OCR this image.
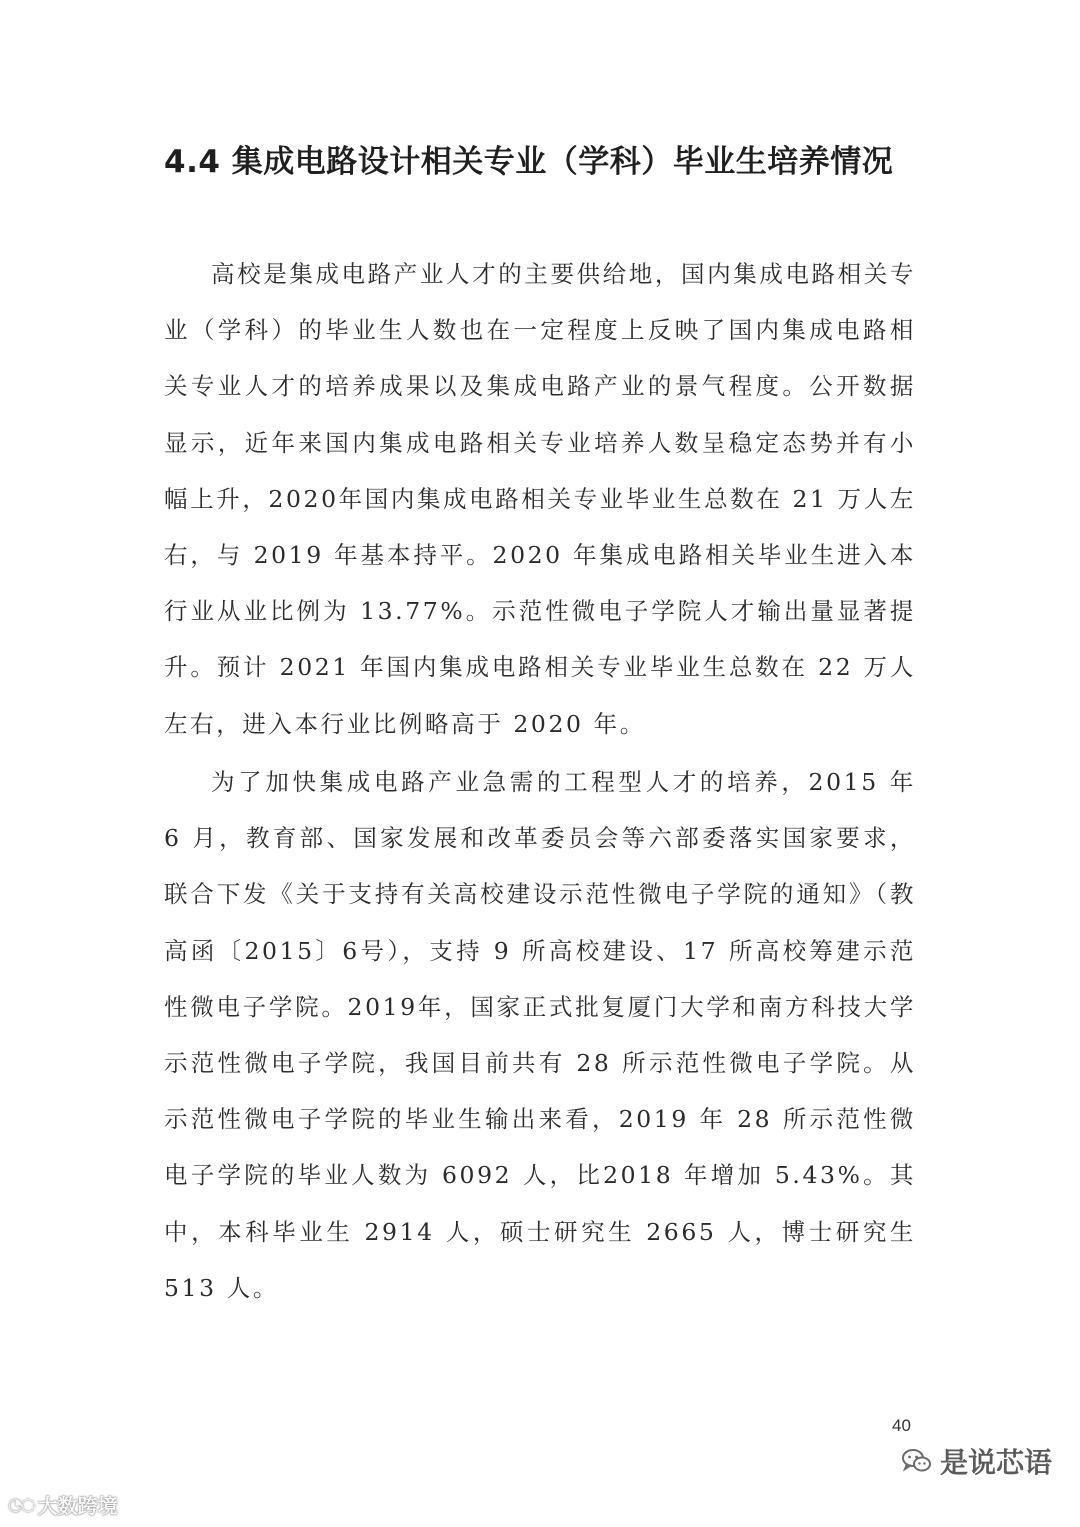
4.4 集成电路设计相关专业（学科）毕业生培养情况

高校是集成电路产业人才的主要供给地，国内集成电路相关专业（学科）的毕业生人数也在一定程度上反映了国内集成电路相关专业人才的培养成果以及集成电路产业的景气程度。公开数据显示，近年来国内集成电路相关专业培养人数呈稳定态势并有小幅上升，2020年国内集成电路相关专业毕业生总数在 21 万人左右，与 2019 年基本持平。2020 年集成电路相关毕业生进入本行业从业比例为 13.77%。示范性微电子学院人才输出量显著提升。预计 2021 年国内集成电路相关专业毕业生总数在 22 万人左右，进入本行业比例略高于 2020 年。

为了加快集成电路产业急需的工程型人才的培养，2015 年 6 月，教育部、国家发展和改革委员会等六部委落实国家要求，联合下发《关于支持有关高校建设示范性微电子学院的通知》（教高函〔2015〕6号），支持 9 所高校建设、17 所高校筹建示范性微电子学院。2019年，国家正式批复厦门大学和南方科技大学示范性微电子学院，我国目前共有 28 所示范性微电子学院。从示范性微电子学院的毕业生输出来看，2019 年 28 所示范性微电子学院的毕业人数为 6092 人，比2018 年增加 5.43%。其中，本科毕业生 2914 人，硕士研究生 2665 人，博士研究生 513 人。

40
◔◌ 大数跨境
是说芯语
